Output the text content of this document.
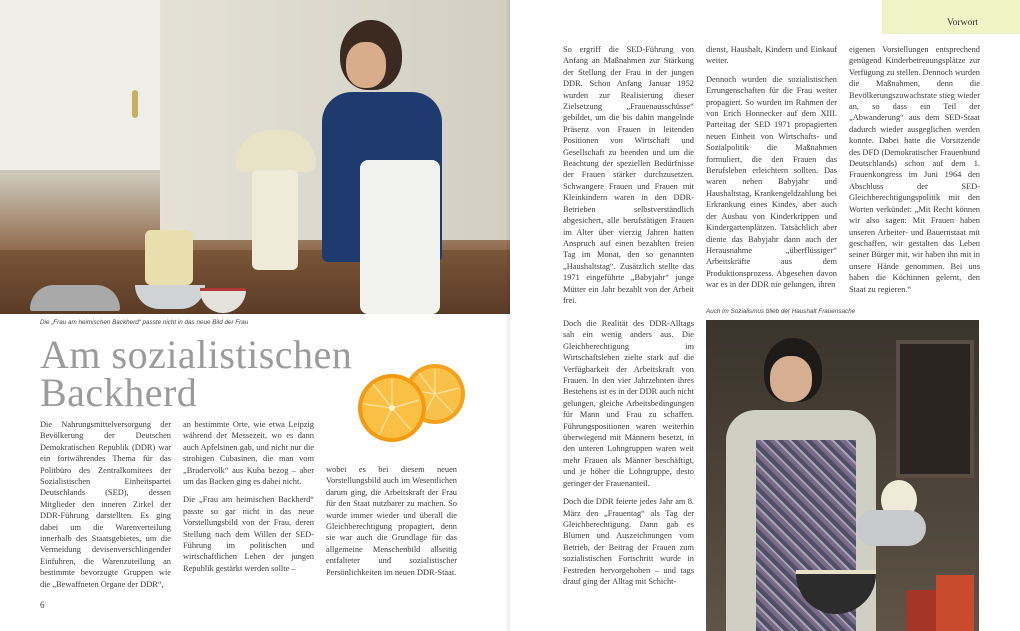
Die „Frau am heimischen Backherd“ passte nicht in das neue Bild der Frau
Am sozialistischen
Backherd

Die Nahrungsmittelversorgung der Bevölkerung der Deutschen Demokratischen Republik (DDR) war ein fortwährendes Thema für das Politbüro des Zentralkomitees der Sozialistischen Einheitspartei Deutschlands (SED), dessen Mitglieder den inneren Zirkel der DDR-Führung darstellten. Es ging dabei um die Warenverteilung innerhalb des Staatsgebietes, um die Vermeidung devisenverschlingender Einfuhren, die Warenzuteilung an bestimmte bevorzugte Gruppen wie die „Bewaffneten Organe der DDR“,

an bestimmte Orte, wie etwa Leipzig während der Messezeit, wo es dann auch Apfelsinen gab, und nicht nur die strohigen Cubasinen, die man vom „Brudervolk“ aus Kuba bezog – aber um das Backen ging es dabei nicht.

Die „Frau am heimischen Backherd“ passte so gar nicht in das neue Vorstellungsbild von der Frau, deren Stellung nach dem Willen der SED-Führung im politischen und wirtschaftlichen Leben der jungen Republik gestärkt werden sollte –

wobei es bei diesem neuen Vorstellungsbild auch im Wesentlichen darum ging, die Arbeitskraft der Frau für den Staat nutzbarer zu machen. So wurde immer wieder und überall die Gleichberechtigung propagiert, denn sie war auch die Grundlage für das allgemeine Menschenbild allseitig entfalteter und sozialistischer Persönlichkeiten im neuen DDR-Staat.

6
Vorwort

So ergriff die SED-Führung von Anfang an Maßnahmen zur Stärkung der Stellung der Frau in der jungen DDR. Schon Anfang Januar 1952 wurden zur Realisierung dieser Zielsetzung „Frauenausschüsse“ gebildet, um die bis dahin mangelnde Präsenz von Frauen in leitenden Positionen von Wirtschaft und Gesellschaft zu beenden und um die Beachtung der speziellen Bedürfnisse der Frauen stärker durchzusetzen. Schwangere Frauen und Frauen mit Kleinkindern waren in den DDR-Betrieben selbstverständlich abgesichert, alle berufstätigen Frauen im Alter über vierzig Jahren hatten Anspruch auf einen bezahlten freien Tag im Monat, den so genannten „Haushaltstag“. Zusätzlich stellte das 1971 eingeführte „Babyjahr“ junge Mütter ein Jahr bezahlt von der Arbeit frei.

dienst, Haushalt, Kindern und Einkauf weiter.

Dennoch wurden die sozialistischen Errungenschaften für die Frau weiter propagiert. So wurden im Rahmen der von Erich Honnecker auf dem XIII. Parteitag der SED 1971 propagierten neuen Einheit von Wirtschafts- und Sozialpolitik die Maßnahmen formuliert, die den Frauen das Berufsleben erleichtern sollten. Das waren neben Babyjahr und Haushaltstag, Krankengeldzahlung bei Erkrankung eines Kindes, aber auch der Ausbau von Kinderkrippen und Kindergartenplätzen. Tatsächlich aber diente das Babyjahr dann auch der Herausnahme „überflüssiger“ Arbeitskräfte aus dem Produktionsprozess. Abgesehen davon war es in der DDR nie gelungen, ihren

eigenen Vorstellungen entsprechend genügend Kinderbetreuungsplätze zur Verfügung zu stellen. Dennoch wurden die Maßnahmen, denn die Bevölkerungszuwachsrate stieg wieder an, so dass ein Teil der „Abwanderung“ aus dem SED-Staat dadurch wieder ausgeglichen werden konnte. Dabei hatte die Vorsitzende des DFD (Demokratischer Frauenbund Deutschlands) schon auf dem 1. Frauenkongress im Juni 1964 den Abschluss der SED-Gleichberechtigungspolitik mit den Worten verkündet: „Mit Recht können wir also sagen: Mit Frauen haben unseren Arbeiter- und Bauernstaat mit geschaffen, wir gestalten das Leben seiner Bürger mit, wir haben ihn mit in unsere Hände genommen. Bei uns haben die Köchinnen gelernt, den Staat zu regieren.“

Doch die Realität des DDR-Alltags sah ein wenig anders aus. Die Gleichberechtigung im Wirtschaftsleben zielte stark auf die Verfügbarkeit der Arbeitskraft von Frauen. In den vier Jahrzehnten ihres Bestehens ist es in der DDR auch nicht gelungen, gleiche Arbeitsbedingungen für Mann und Frau zu schaffen. Führungspositionen waren weiterhin überwiegend mit Männern besetzt, in den unteren Lohngruppen waren weit mehr Frauen als Männer beschäftigt, und je höher die Lohngruppe, desto geringer der Frauenanteil.

Doch die DDR feierte jedes Jahr am 8. März den „Frauentag“ als Tag der Gleichberechtigung. Dann gab es Blumen und Auszeichnungen vom Betrieb, der Beitrag der Frauen zum sozialistischen Fortschritt wurde in Festreden hervorgehoben – und tags drauf ging der Alltag mit Schicht-

Auch im Sozialismus blieb der Haushalt Frauensache
